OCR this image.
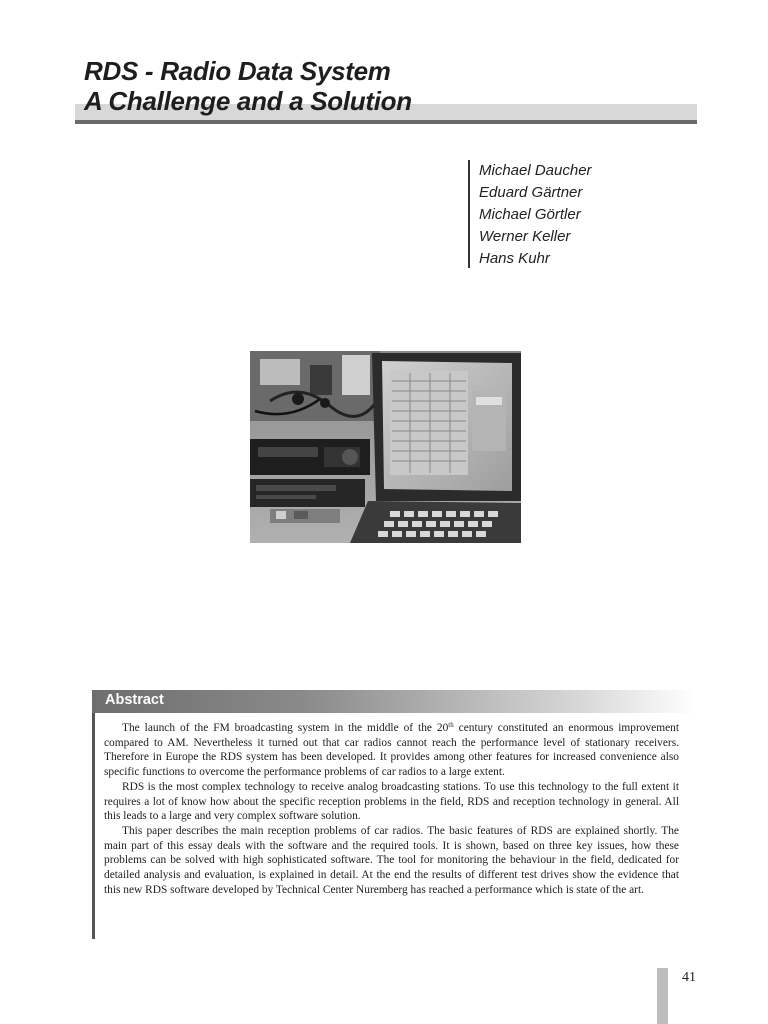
RDS - Radio Data System
A Challenge and a Solution
Michael Daucher
Eduard Gärtner
Michael Görtler
Werner Keller
Hans Kuhr
Abstract

The launch of the FM broadcasting system in the middle of the 20th century constituted an enormous improvement compared to AM. Nevertheless it turned out that car radios cannot reach the performance level of stationary receivers. Therefore in Europe the RDS system has been developed. It provides among other features for increased convenience also specific functions to overcome the performance problems of car radios to a large extent.

RDS is the most complex technology to receive analog broadcasting stations. To use this technology to the full extent it requires a lot of know how about the specific reception problems in the field, RDS and reception technology in general. All this leads to a large and very complex software solution.

This paper describes the main reception problems of car radios. The basic features of RDS are explained shortly. The main part of this essay deals with the software and the required tools. It is shown, based on three key issues, how these problems can be solved with high sophisticated software. The tool for monitoring the behaviour in the field, dedicated for detailed analysis and evaluation, is explained in detail. At the end the results of different test drives show the evidence that this new RDS software developed by Technical Center Nuremberg has reached a performance which is state of the art.

41
